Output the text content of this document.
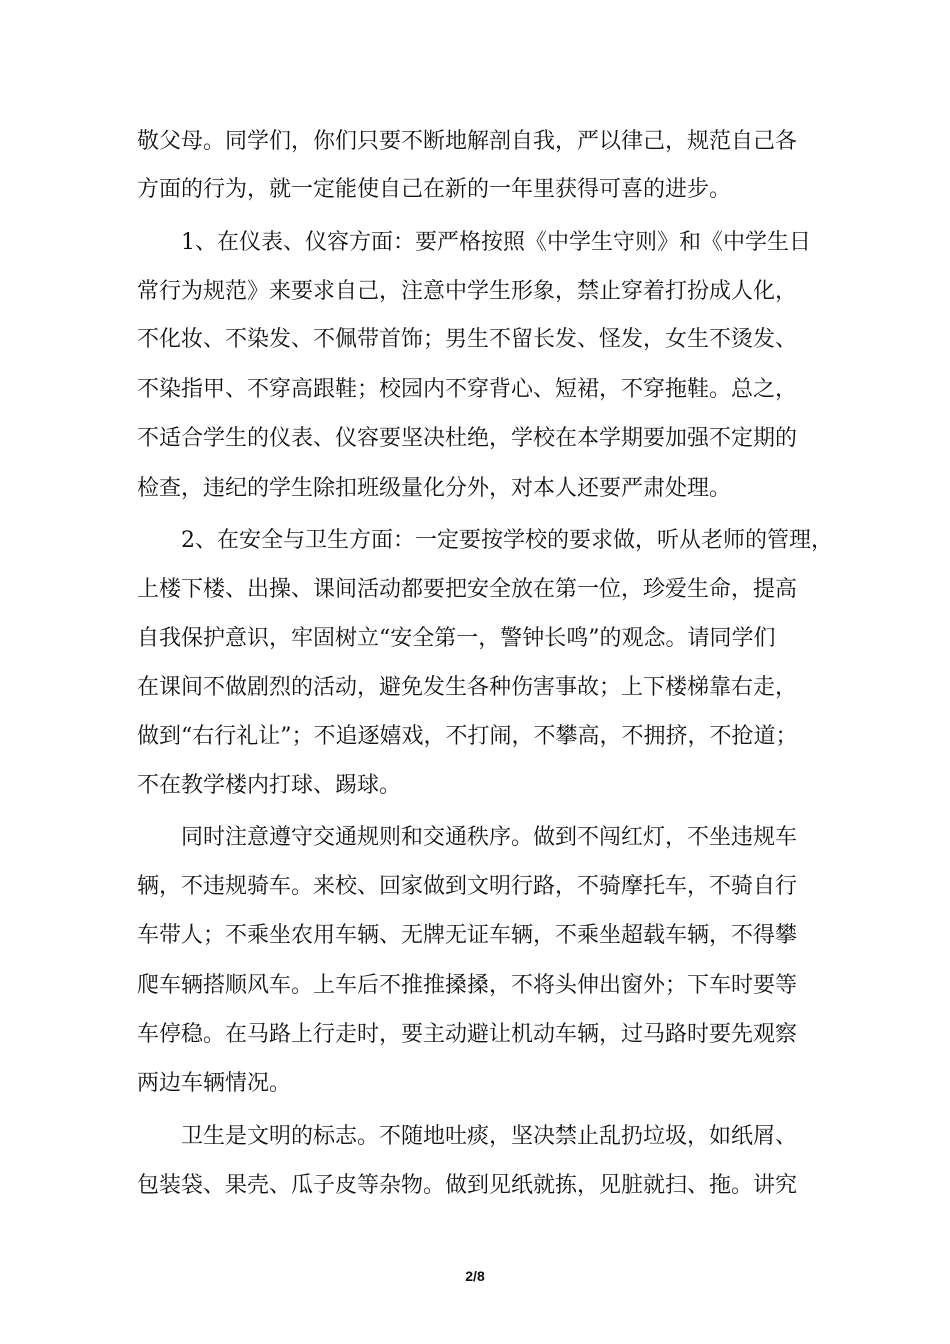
敬父母。同学们，你们只要不断地解剖自我，严以律己，规范自己各
方面的行为，就一定能使自己在新的一年里获得可喜的进步。
　　1、在仪表、仪容方面：要严格按照《中学生守则》和《中学生日
常行为规范》来要求自己，注意中学生形象，禁止穿着打扮成人化，
不化妆、不染发、不佩带首饰；男生不留长发、怪发，女生不烫发、
不染指甲、不穿高跟鞋；校园内不穿背心、短裙，不穿拖鞋。总之，
不适合学生的仪表、仪容要坚决杜绝，学校在本学期要加强不定期的
检查，违纪的学生除扣班级量化分外，对本人还要严肃处理。
　　2、在安全与卫生方面：一定要按学校的要求做，听从老师的管理，
上楼下楼、出操、课间活动都要把安全放在第一位，珍爱生命，提高
自我保护意识，牢固树立“安全第一，警钟长鸣”的观念。请同学们
在课间不做剧烈的活动，避免发生各种伤害事故；上下楼梯靠右走，
做到“右行礼让”；不追逐嬉戏，不打闹，不攀高，不拥挤，不抢道；
不在教学楼内打球、踢球。
　　同时注意遵守交通规则和交通秩序。做到不闯红灯，不坐违规车
辆，不违规骑车。来校、回家做到文明行路，不骑摩托车，不骑自行
车带人；不乘坐农用车辆、无牌无证车辆，不乘坐超载车辆，不得攀
爬车辆搭顺风车。上车后不推推搡搡，不将头伸出窗外；下车时要等
车停稳。在马路上行走时，要主动避让机动车辆，过马路时要先观察
两边车辆情况。
　　卫生是文明的标志。不随地吐痰，坚决禁止乱扔垃圾，如纸屑、
包装袋、果壳、瓜子皮等杂物。做到见纸就拣，见脏就扫、拖。讲究
2/8
